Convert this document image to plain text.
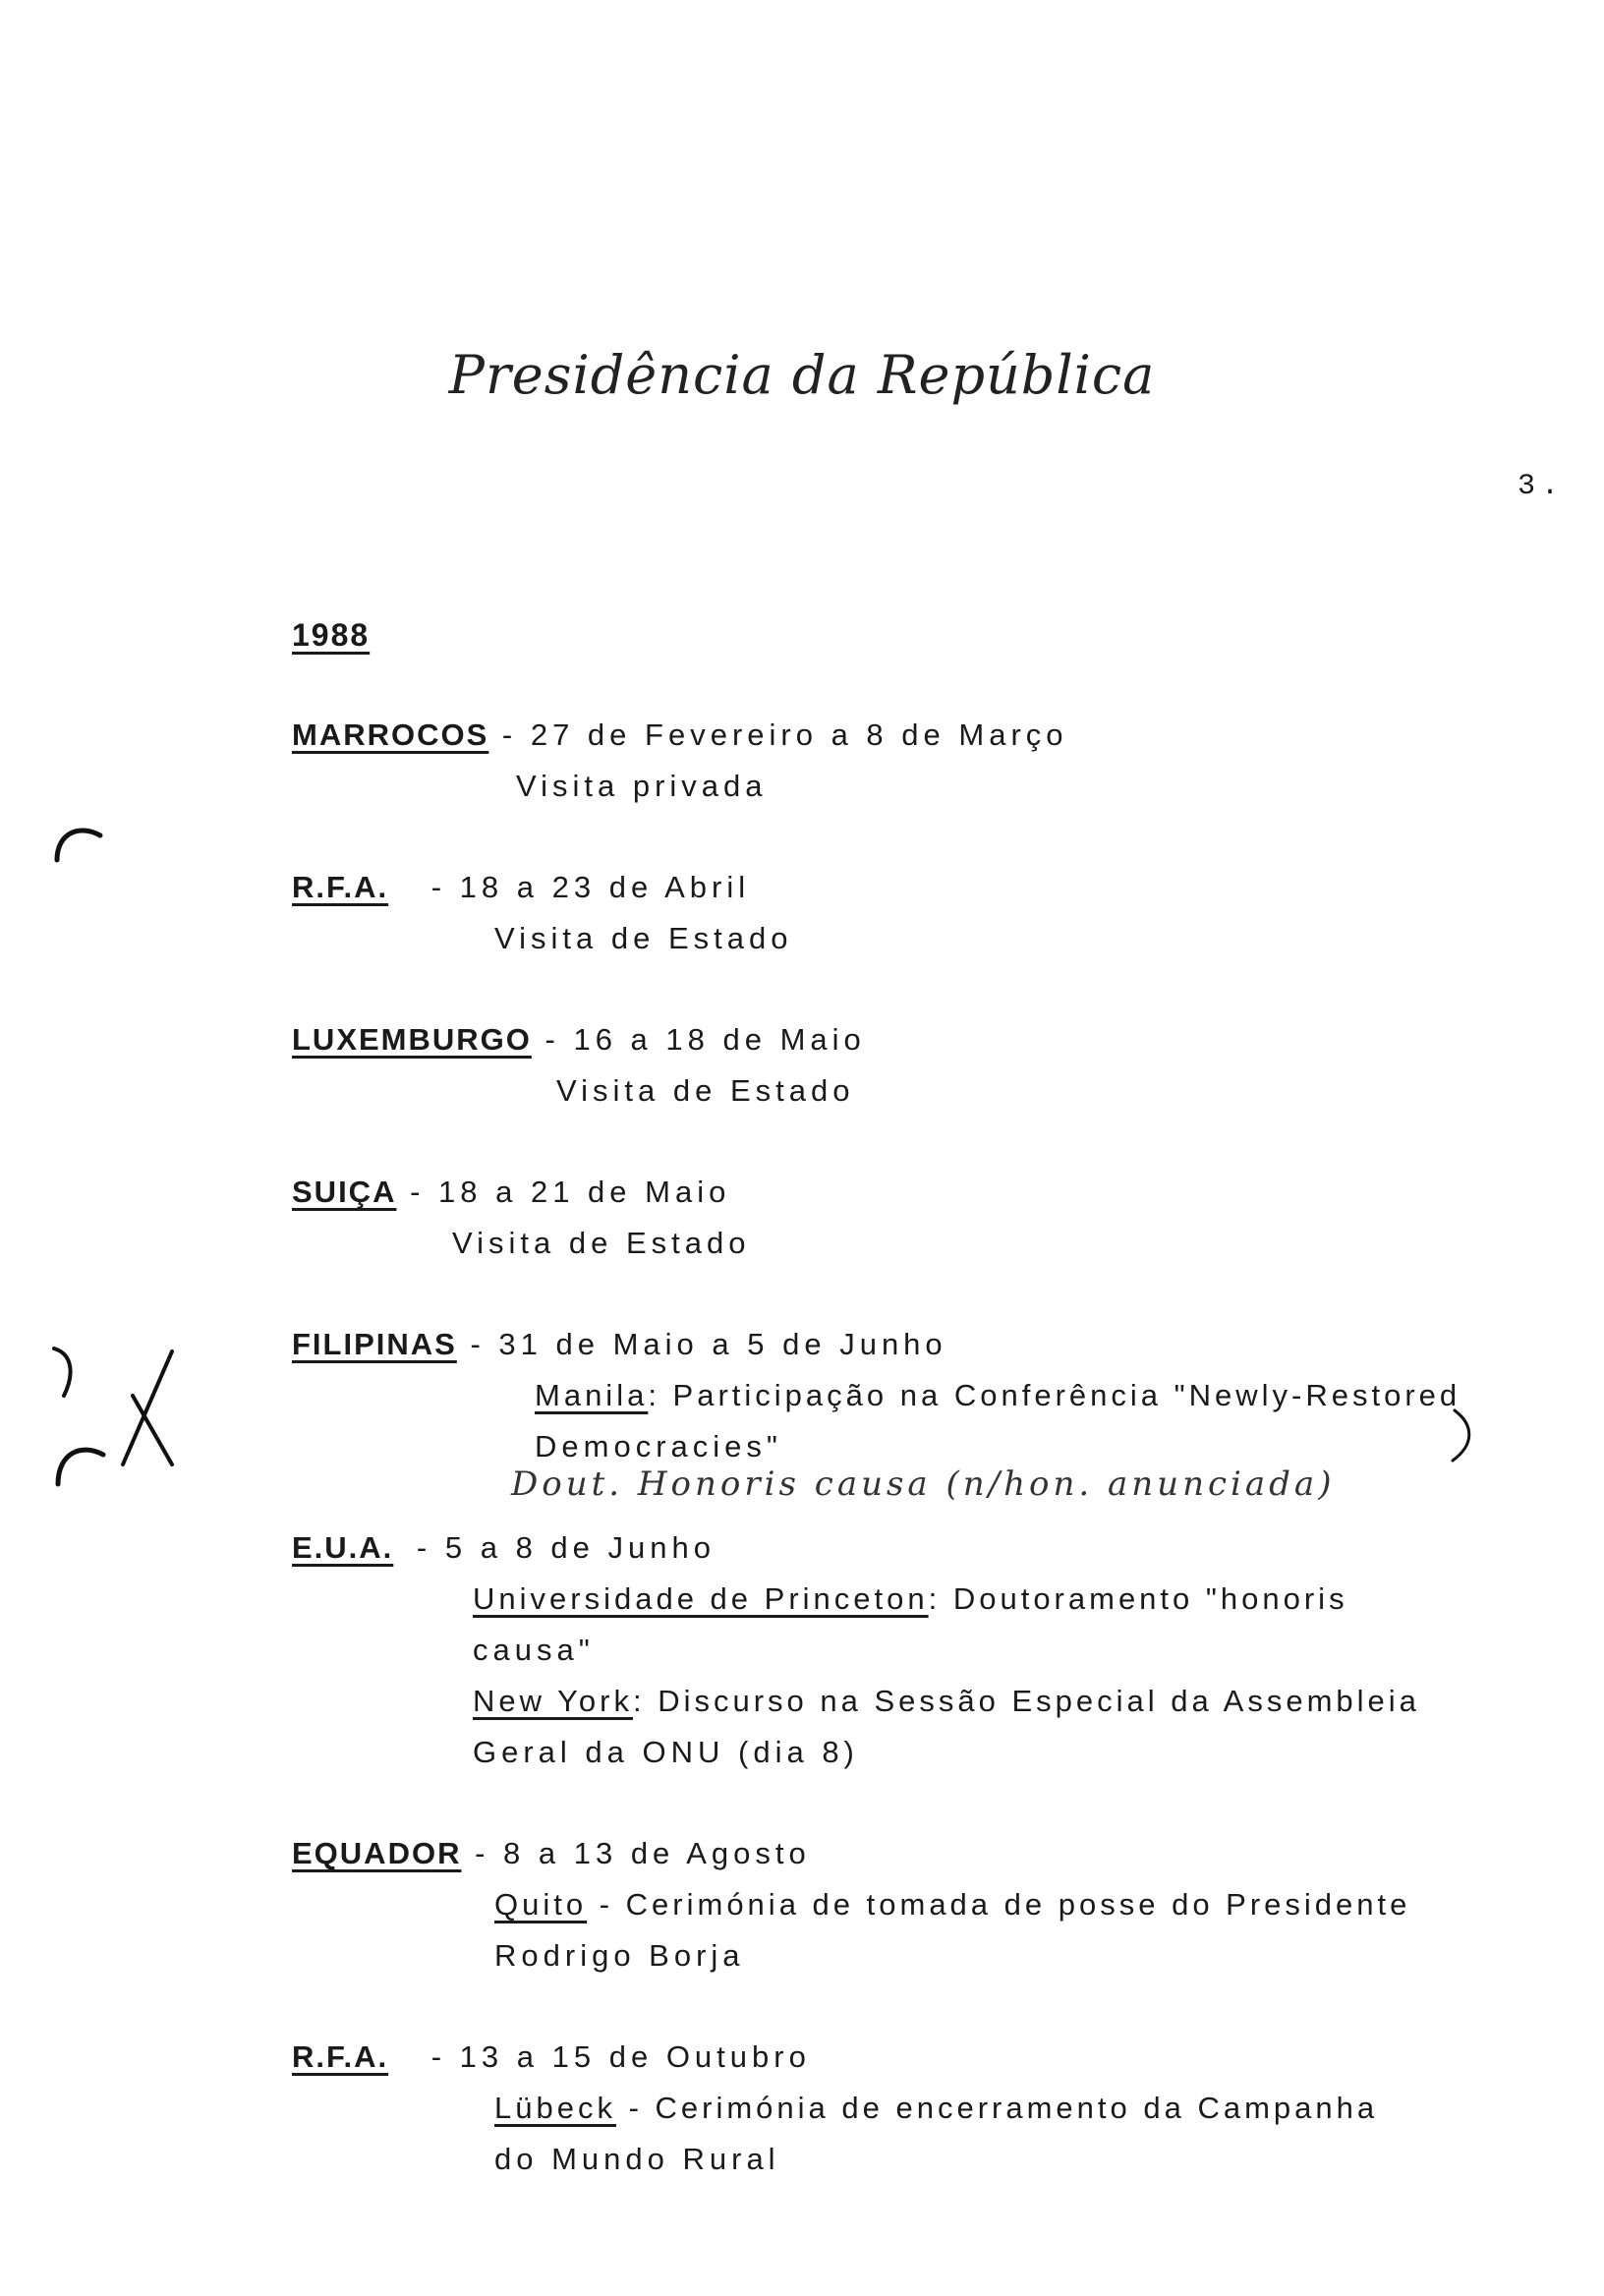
Presidência da República
3.
1988
MARROCOS - 27 de Fevereiro a 8 de Março
Visita privada
R.F.A. - 18 a 23 de Abril
Visita de Estado
LUXEMBURGO - 16 a 18 de Maio
Visita de Estado
SUIÇA - 18 a 21 de Maio
Visita de Estado
FILIPINAS - 31 de Maio a 5 de Junho
Manila: Participação na Conferência "Newly-Restored
Democracies"
Dout. Honoris causa (n/hon. anunciada)
E.U.A. - 5 a 8 de Junho
Universidade de Princeton: Doutoramento "honoris
causa"
New York: Discurso na Sessão Especial da Assembleia
Geral da ONU (dia 8)
EQUADOR - 8 a 13 de Agosto
Quito - Cerimónia de tomada de posse do Presidente
Rodrigo Borja
R.F.A. - 13 a 15 de Outubro
Lübeck - Cerimónia de encerramento da Campanha
do Mundo Rural
